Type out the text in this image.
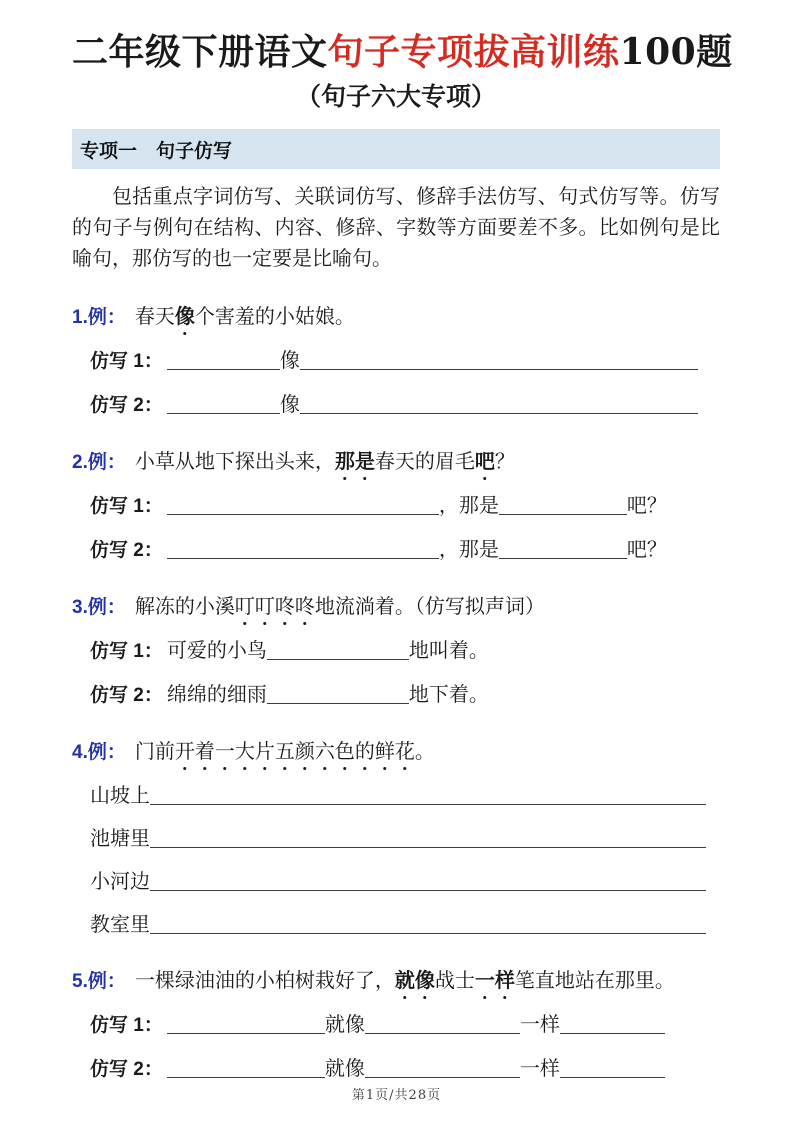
二年级下册语文句子专项拔高训练100题
（句子六大专项）
专项一　句子仿写
包括重点字词仿写、关联词仿写、修辞手法仿写、句式仿写等。仿写的句子与例句在结构、内容、修辞、字数等方面要差不多。比如例句是比喻句，那仿写的也一定要是比喻句。
1.例： 春天像个害羞的小姑娘。
仿写 1：	像
仿写 2：	像
2.例： 小草从地下探出头来，那是春天的眉毛吧？
仿写 1：	，那是	吧？
仿写 2：	，那是	吧？
3.例： 解冻的小溪叮叮咚咚地流淌着。（仿写拟声词）
仿写 1： 可爱的小鸟	地叫着。
仿写 2： 绵绵的细雨	地下着。
4.例： 门前开着一大片五颜六色的鲜花。
山坡上
池塘里
小河边
教室里
5.例： 一棵绿油油的小柏树栽好了，就像战士一样笔直地站在那里。
仿写 1：	就像	一样
仿写 2：	就像	一样
第1页/共28页
